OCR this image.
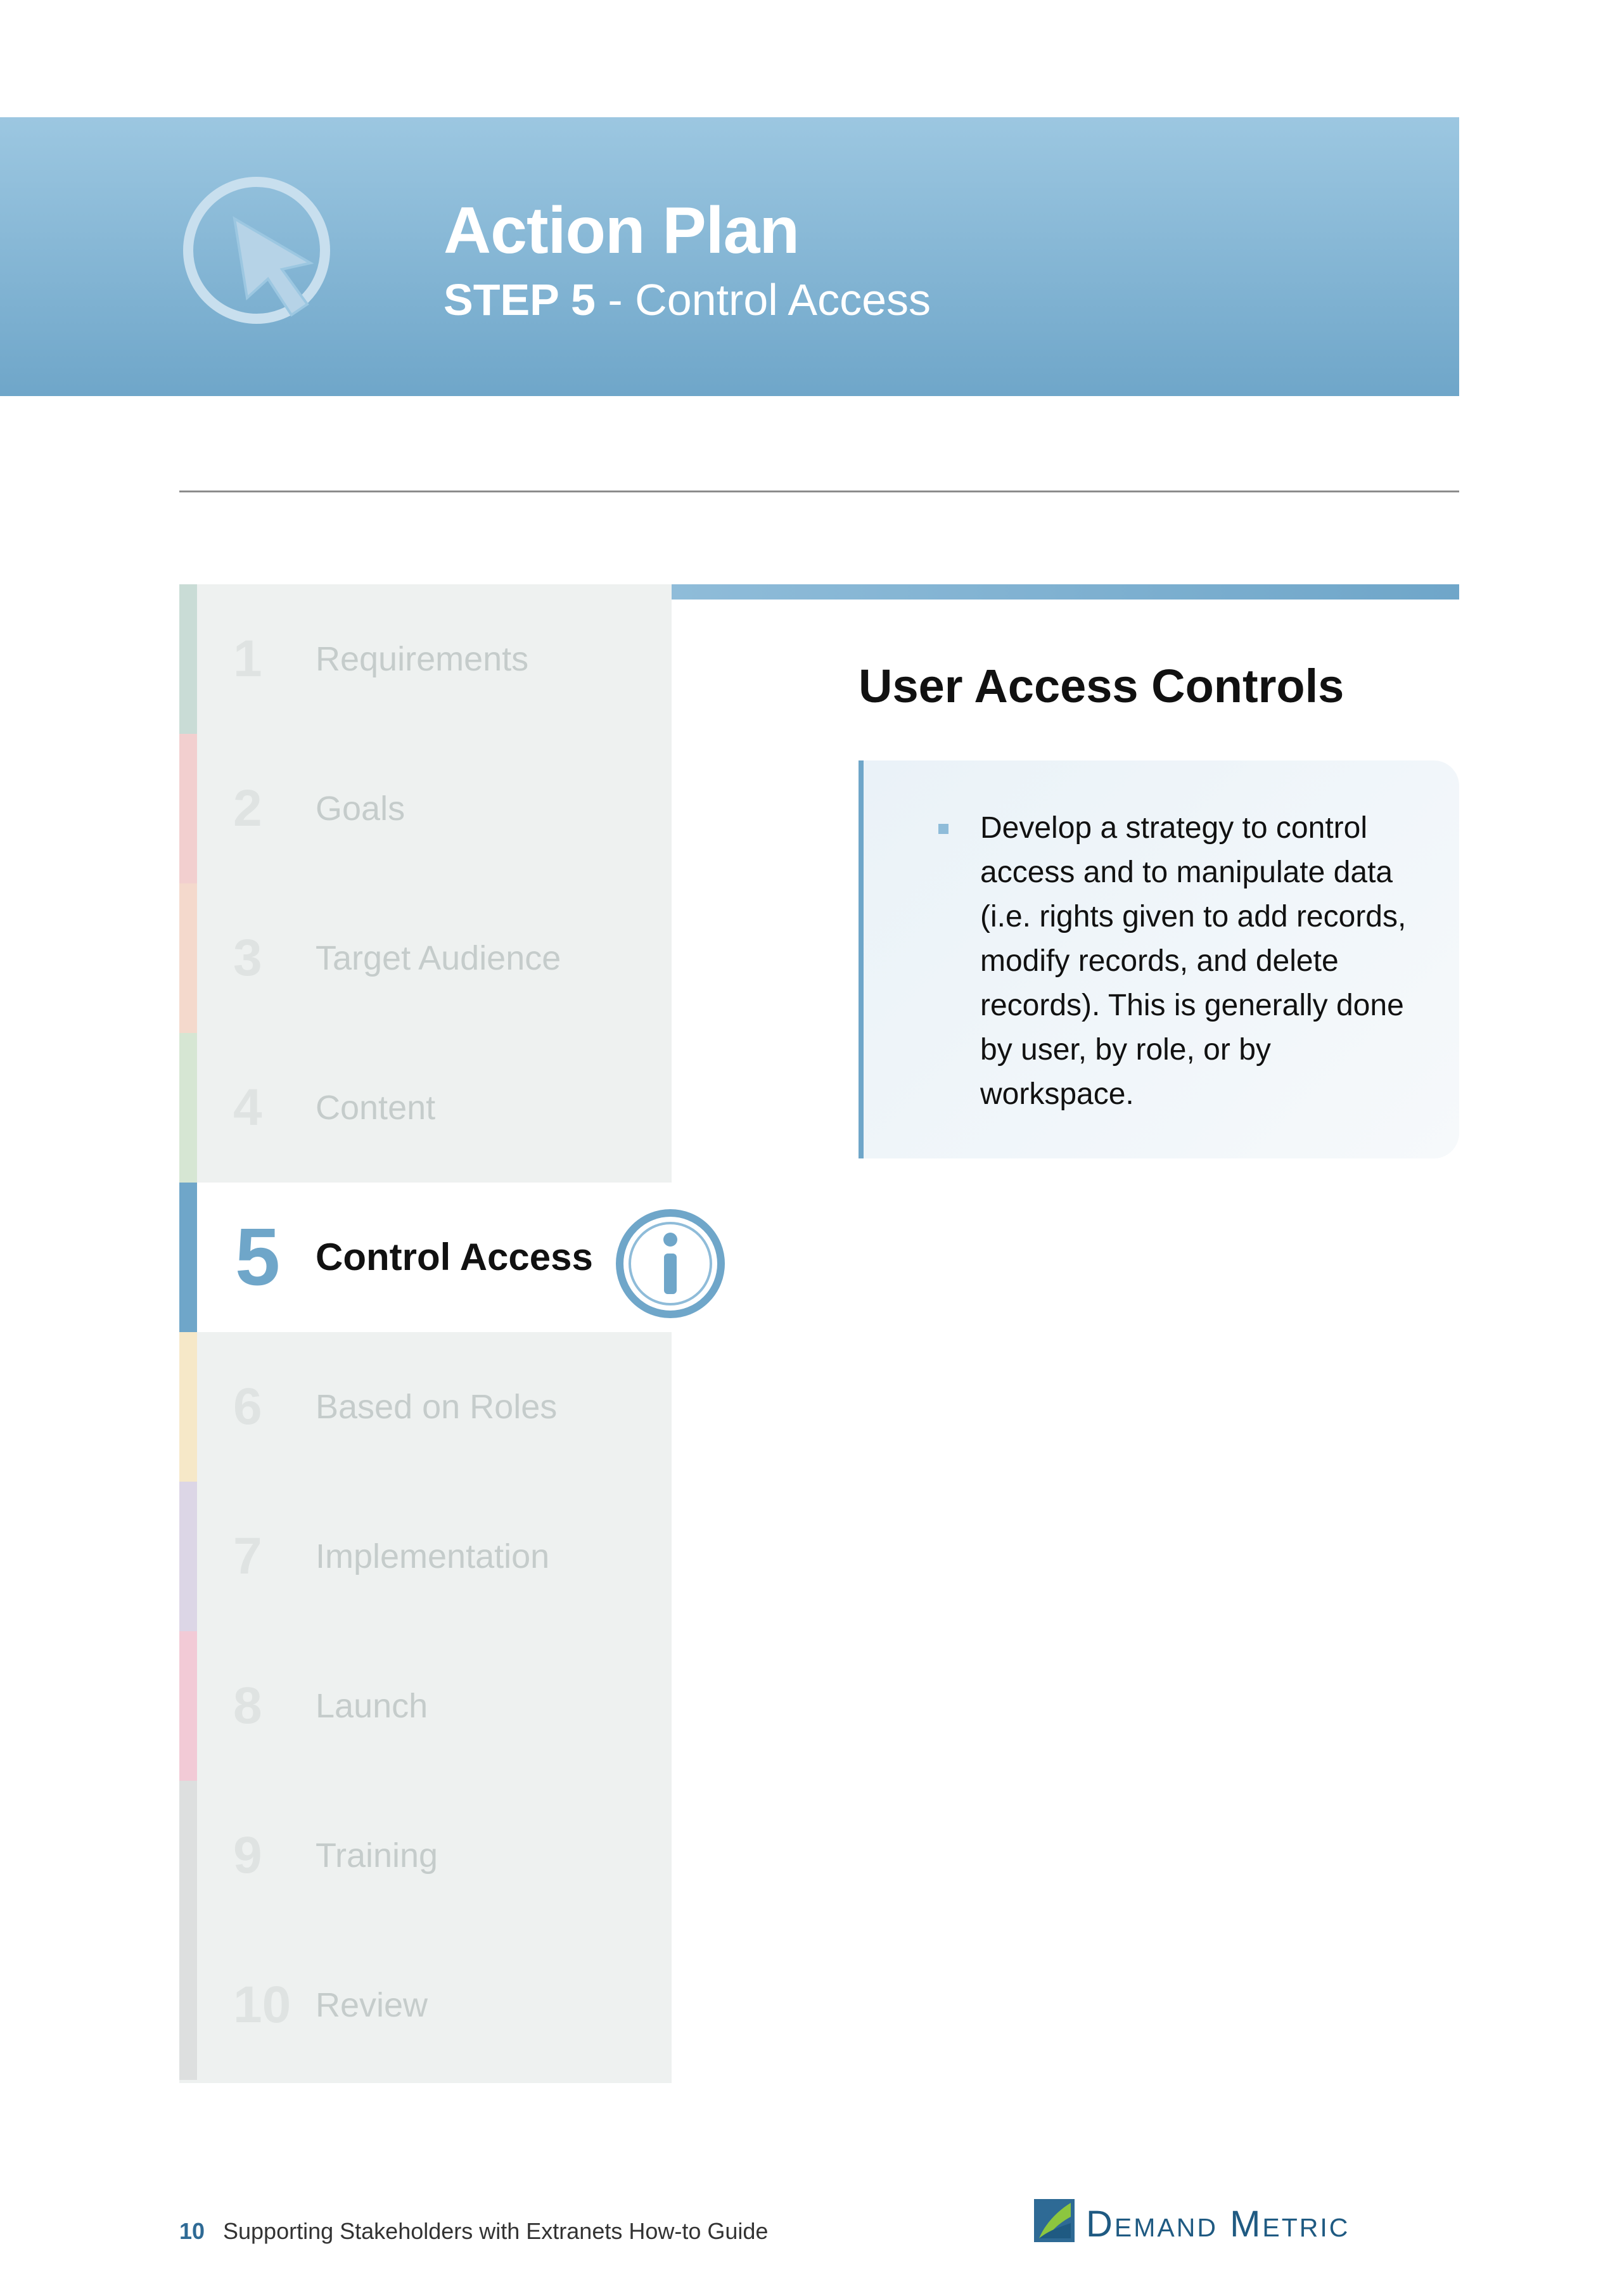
Action Plan
STEP 5 - Control Access
1 Requirements
2 Goals
3 Target Audience
4 Content
5 Control Access
6 Based on Roles
7 Implementation
8 Launch
9 Training
10 Review
User Access Controls
Develop a strategy to control access and to manipulate data (i.e. rights given to add records, modify records, and delete records). This is generally done by user, by role, or by workspace.
10 Supporting Stakeholders with Extranets How-to Guide	Demand Metric
